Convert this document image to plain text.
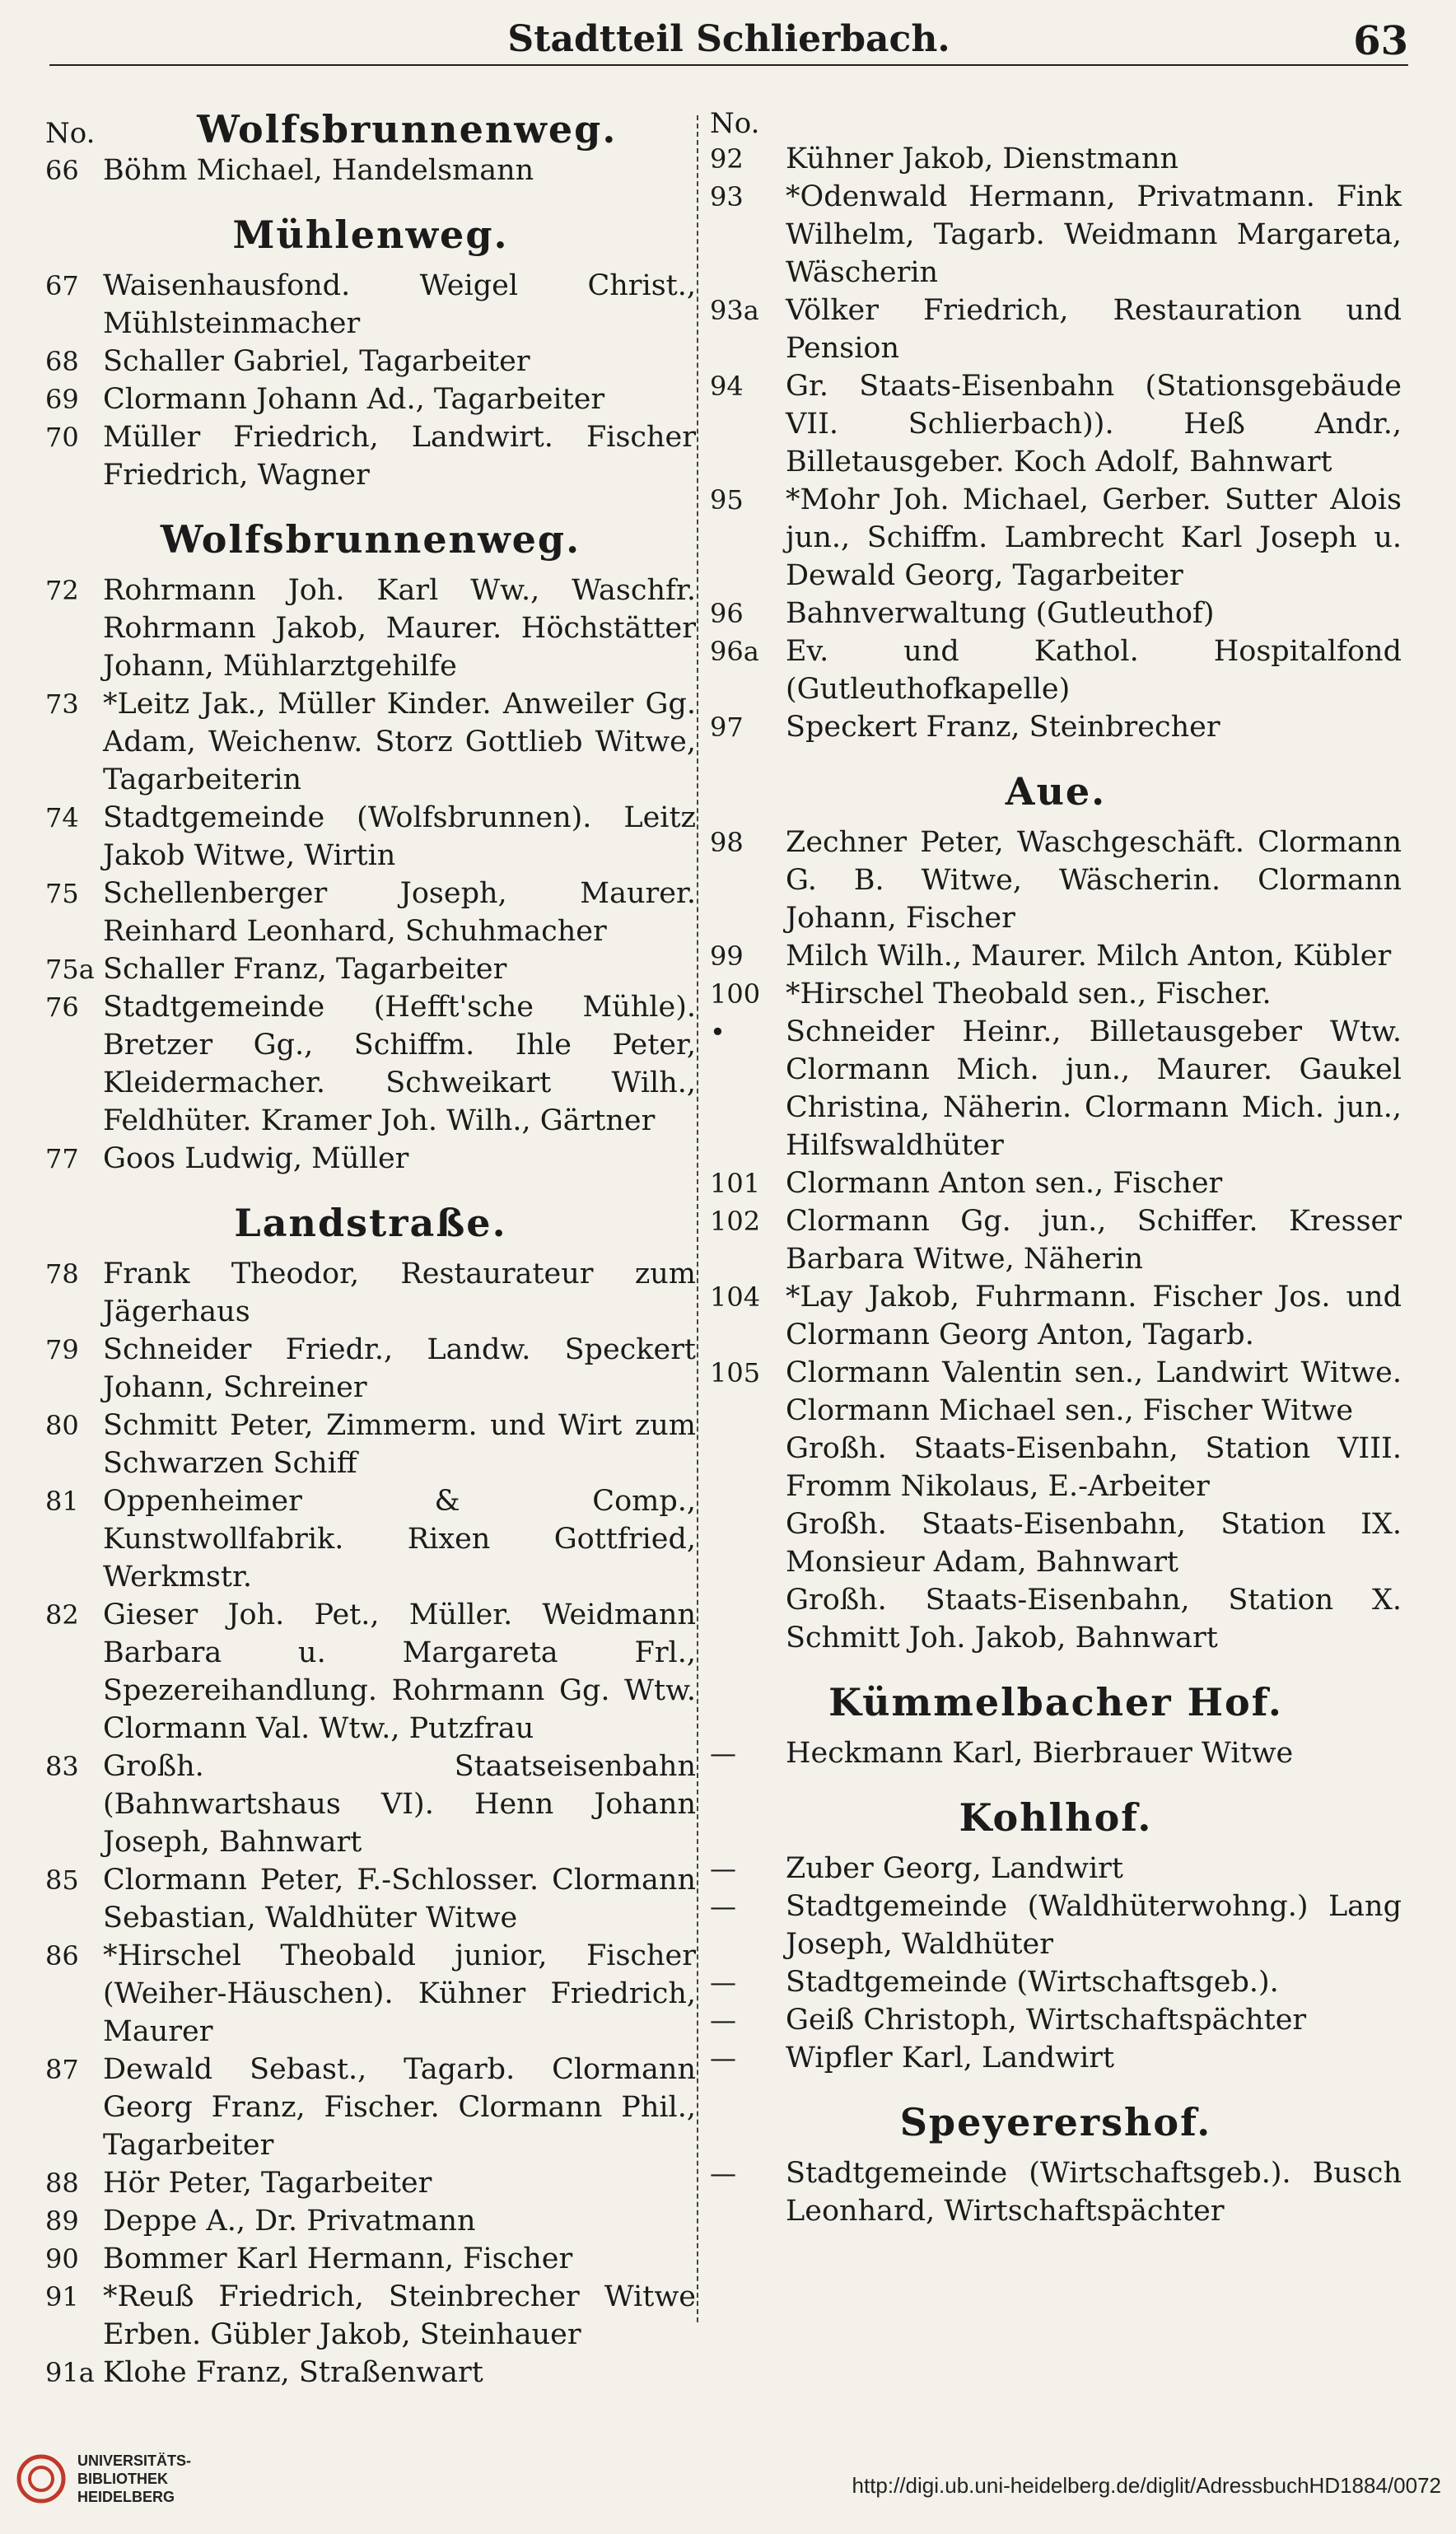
Stadtteil Schlierbach.	63
No.	Wolfsbrunnenweg.
66 Böhm Michael, Handelsmann
Mühlenweg.
67 Waisenhausfond. Weigel Christ., Mühlsteinmacher
68 Schaller Gabriel, Tagarbeiter
69 Clormann Johann Ad., Tagarbeiter
70 Müller Friedrich, Landwirt. Fischer Friedrich, Wagner
Wolfsbrunnenweg.
72 Rohrmann Joh. Karl Ww., Waschfr. Rohrmann Jakob, Maurer. Höchstätter Johann, Mühlarztgehilfe
73 *Leitz Jak., Müller Kinder. Anweiler Gg. Adam, Weichenw. Storz Gottlieb Witwe, Tagarbeiterin
74 Stadtgemeinde (Wolfsbrunnen). Leitz Jakob Witwe, Wirtin
75 Schellenberger Joseph, Maurer. Reinhard Leonhard, Schuhmacher
75a Schaller Franz, Tagarbeiter
76 Stadtgemeinde (Hefft'sche Mühle). Bretzer Gg., Schiffm. Ihle Peter, Kleidermacher. Schweikart Wilh., Feldhüter. Kramer Joh. Wilh., Gärtner
77 Goos Ludwig, Müller
Landstraße.
78 Frank Theodor, Restaurateur zum Jägerhaus
79 Schneider Friedr., Landw. Speckert Johann, Schreiner
80 Schmitt Peter, Zimmerm. und Wirt zum Schwarzen Schiff
81 Oppenheimer & Comp., Kunstwollfabrik. Rixen Gottfried, Werkmstr.
82 Gieser Joh. Pet., Müller. Weidmann Barbara u. Margareta Frl., Spezereihandlung. Rohrmann Gg. Wtw. Clormann Val. Wtw., Putzfrau
83 Großh. Staatseisenbahn (Bahnwartshaus VI). Henn Johann Joseph, Bahnwart
85 Clormann Peter, F.-Schlosser. Clormann Sebastian, Waldhüter Witwe
86 *Hirschel Theobald junior, Fischer (Weiher-Häuschen). Kühner Friedrich, Maurer
87 Dewald Sebast., Tagarb. Clormann Georg Franz, Fischer. Clormann Phil., Tagarbeiter
88 Hör Peter, Tagarbeiter
89 Deppe A., Dr. Privatmann
90 Bommer Karl Hermann, Fischer
91 *Reuß Friedrich, Steinbrecher Witwe Erben. Gübler Jakob, Steinhauer
91a Klohe Franz, Straßenwart
No.
92	Kühner Jakob, Dienstmann
93	*Odenwald Hermann, Privatmann. Fink Wilhelm, Tagarb. Weidmann Margareta, Wäscherin
93a Völker Friedrich, Restauration und Pension
94	Gr. Staats-Eisenbahn (Stationsgebäude VII. Schlierbach)). Heß Andr., Billetausgeber. Koch Adolf, Bahnwart
95	*Mohr Joh. Michael, Gerber. Sutter Alois jun., Schiffm. Lambrecht Karl Joseph u. Dewald Georg, Tagarbeiter
96	Bahnverwaltung (Gutleuthof)
96a Ev. und Kathol. Hospitalfond (Gutleuthofkapelle)
97	Speckert Franz, Steinbrecher
Aue.
98	Zechner Peter, Waschgeschäft. Clormann G. B. Witwe, Wäscherin. Clormann Johann, Fischer
99	Milch Wilh., Maurer. Milch Anton, Kübler
100 *Hirschel Theobald sen., Fischer.
•	Schneider Heinr., Billetausgeber Wtw. Clormann Mich. jun., Maurer. Gaukel Christina, Näherin. Clormann Mich. jun., Hilfswaldhüter
101 Clormann Anton sen., Fischer
102 Clormann Gg. jun., Schiffer. Kresser Barbara Witwe, Näherin
104 *Lay Jakob, Fuhrmann. Fischer Jos. und Clormann Georg Anton, Tagarb.
105 Clormann Valentin sen., Landwirt Witwe. Clormann Michael sen., Fischer Witwe
Großh. Staats-Eisenbahn, Station VIII. Fromm Nikolaus, E.-Arbeiter
Großh. Staats-Eisenbahn, Station IX. Monsieur Adam, Bahnwart
Großh. Staats-Eisenbahn, Station X. Schmitt Joh. Jakob, Bahnwart
Kümmelbacher Hof.
—	Heckmann Karl, Bierbrauer Witwe
Kohlhof.
—	Zuber Georg, Landwirt
—	Stadtgemeinde (Waldhüterwohng.) Lang Joseph, Waldhüter
—	Stadtgemeinde (Wirtschaftsgeb.).
—	Geiß Christoph, Wirtschaftspächter
—	Wipfler Karl, Landwirt
Speyerershof.
—	Stadtgemeinde (Wirtschaftsgeb.). Busch Leonhard, Wirtschaftspächter
UNIVERSITÄTS-
BIBLIOTHEK
HEIDELBERG	http://digi.ub.uni-heidelberg.de/diglit/AdressbuchHD1884/0072
